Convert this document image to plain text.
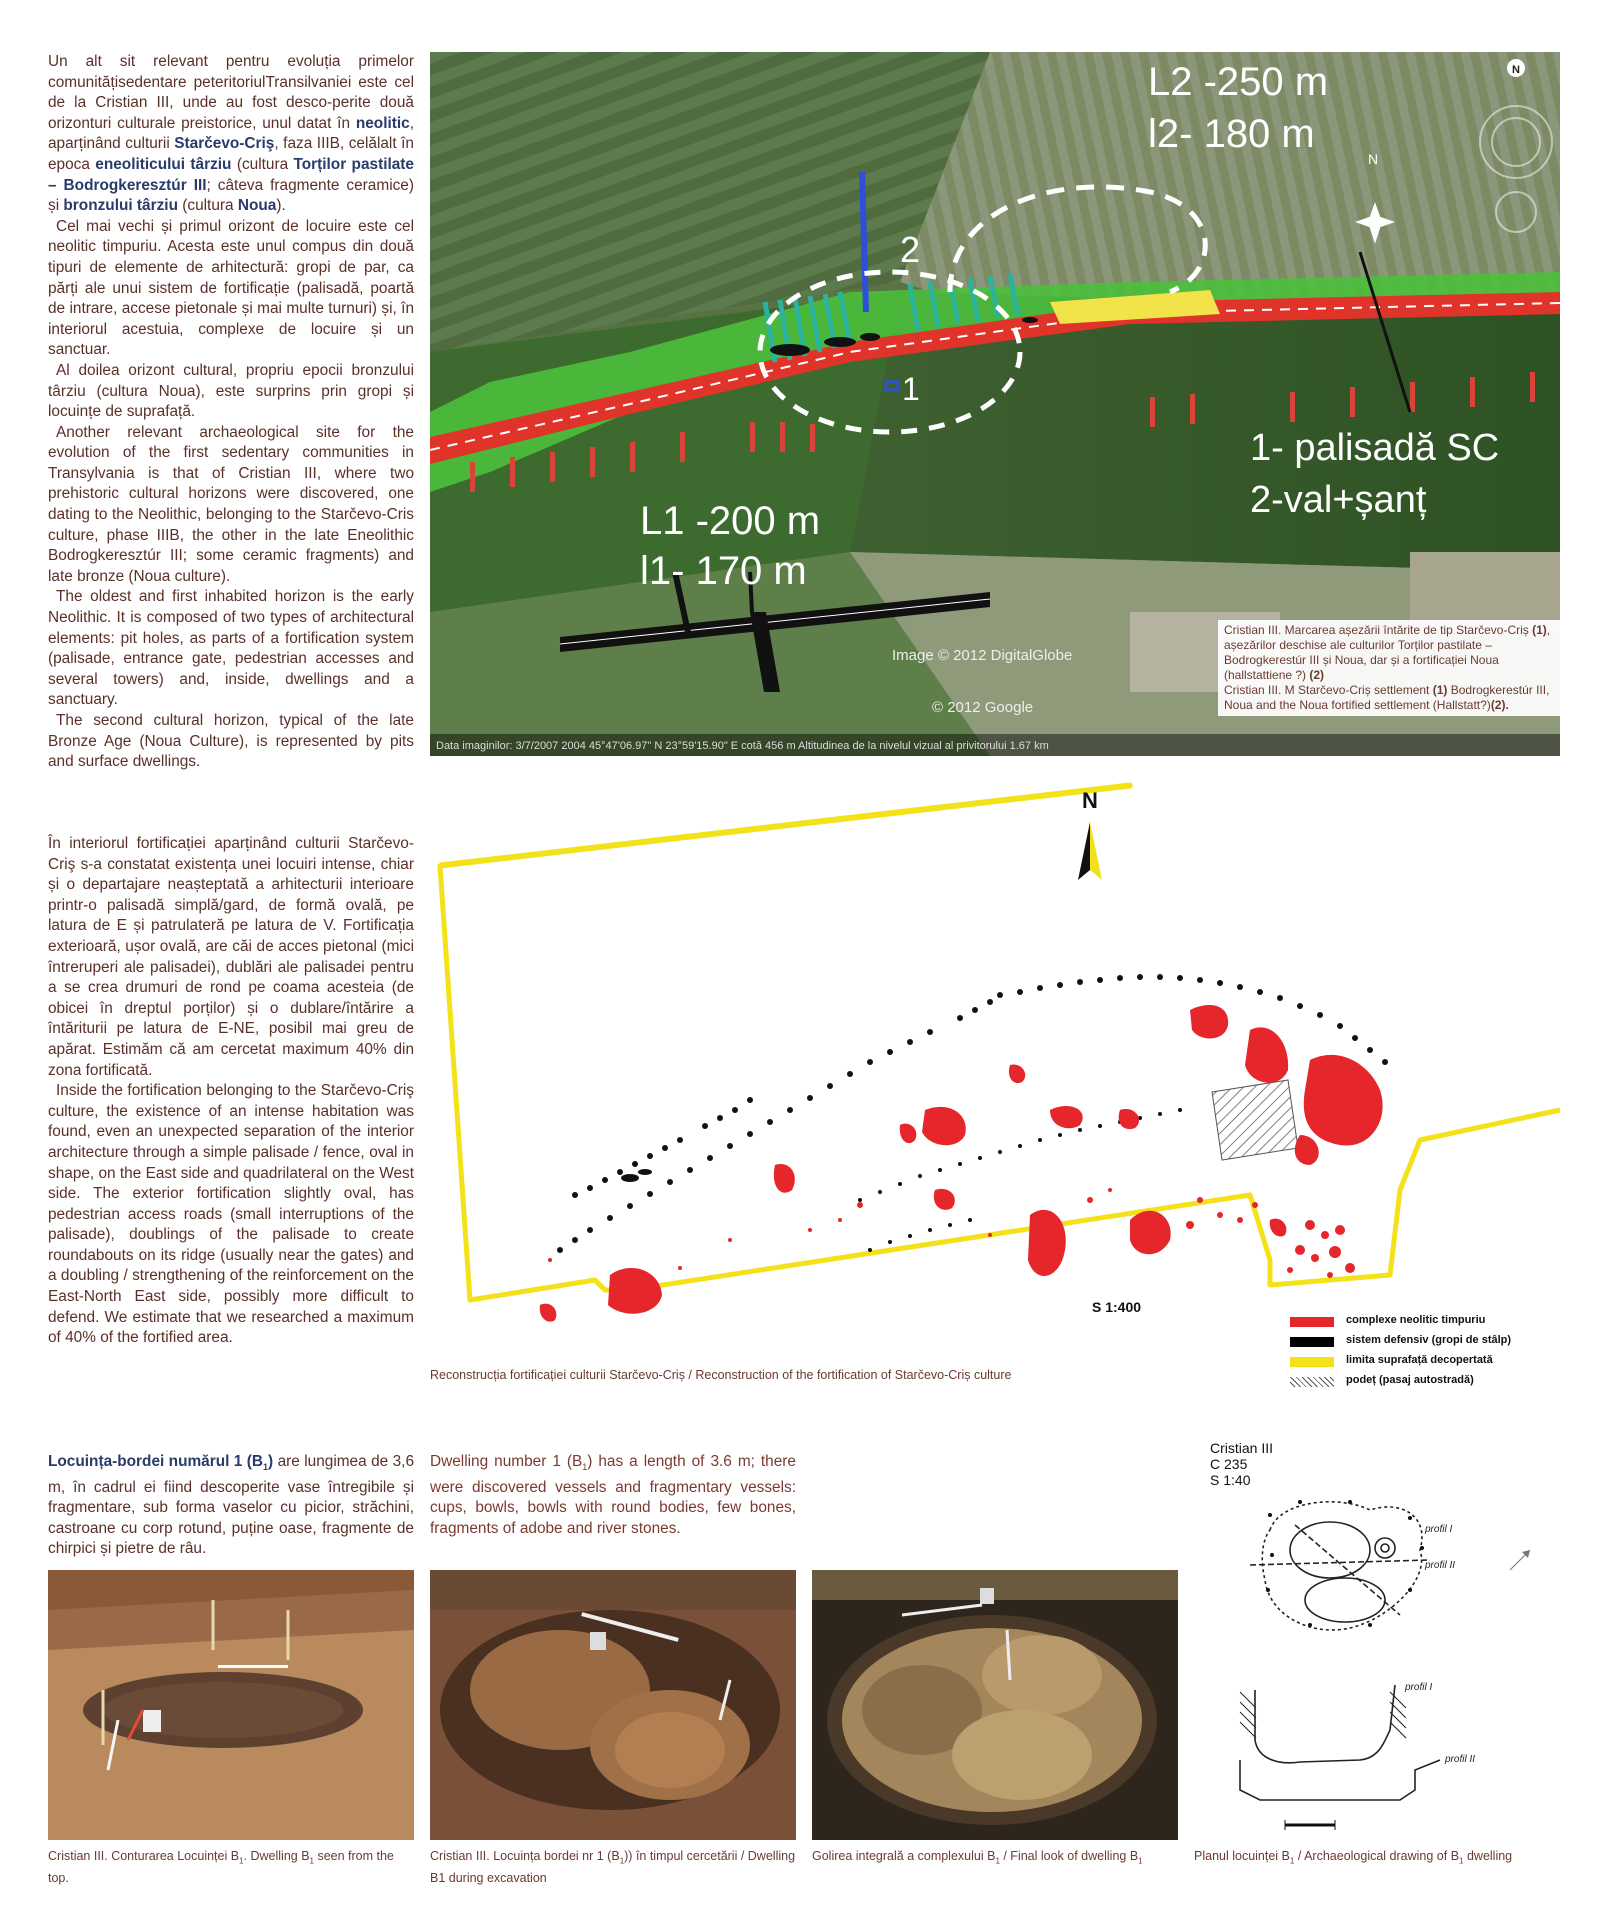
Un alt sit relevant pentru evoluția primelor comunitățisedentare peteritoriulTransilvaniei este cel de la Cristian III, unde au fost desco-perite două orizonturi culturale preistorice, unul datat în neolitic, aparținând culturii Starčevo-Criş, faza IIIB, celălalt în epoca eneoliticului târziu (cultura Torților pastilate – Bodrogkeresztúr III; câteva fragmente ceramice) și bronzului târziu (cultura Noua).

Cel mai vechi și primul orizont de locuire este cel neolitic timpuriu. Acesta este unul compus din două tipuri de elemente de arhitectură: gropi de par, ca părți ale unui sistem de fortificație (palisadă, poartă de intrare, accese pietonale și mai multe turnuri) și, în interiorul acestuia, complexe de locuire și un sanctuar.

Al doilea orizont cultural, propriu epocii bronzului târziu (cultura Noua), este surprins prin gropi și locuințe de suprafață.

Another relevant archaeological site for the evolution of the first sedentary communities in Transylvania is that of Cristian III, where two prehistoric cultural horizons were discovered, one dating to the Neolithic, belonging to the Starčevo-Cris culture, phase IIIB, the other in the late Eneolithic Bodrogkeresztúr III; some ceramic fragments) and late bronze (Noua culture).

The oldest and first inhabited horizon is the early Neolithic. It is composed of two types of architectural elements: pit holes, as parts of a fortification system (palisade, entrance gate, pedestrian accesses and several towers) and, inside, dwellings and a sanctuary.

The second cultural horizon, typical of the late Bronze Age (Noua Culture), is represented by pits and surface dwellings.

În interiorul fortificației aparținând culturii Starčevo-Criş s-a constatat existența unei locuiri intense, chiar și o departajare neașteptată a arhitecturii interioare printr-o palisadă simplă/gard, de formă ovală, pe latura de E și patrulateră pe latura de V. Fortificația exterioară, ușor ovală, are căi de acces pietonal (mici întreruperi ale palisadei), dublări ale palisadei pentru a se crea drumuri de rond pe coama acesteia (de obicei în dreptul porților) și o dublare/întărire a întăriturii pe latura de E-NE, posibil mai greu de apărat. Estimăm că am cercetat maximum 40% din zona fortificată.

Inside the fortification belonging to the Starčevo-Criş culture, the existence of an intense habitation was found, even an unexpected separation of the interior architecture through a simple palisade / fence, oval in shape, on the East side and quadrilateral on the West side. The exterior fortification slightly oval, has pedestrian access roads (small interruptions of the palisade), doublings of the palisade to create roundabouts on its ridge (usually near the gates) and a doubling / strengthening of the reinforcement on the East-North East side, possibly more difficult to defend. We estimate that we researched a maximum of 40% of the fortified area.

N
N
L2 -250 m
l2- 180 m
L1 -200 m
l1- 170 m
1- palisadă SC
2-val+șanț
2
1
Image © 2012 DigitalGlobe
© 2012 Google
Data imaginilor: 3/7/2007 2004 45°47'06.97" N 23°59'15.90" E cotă 456 m Altitudinea de la nivelul vizual al privitorului 1.67 km
Cristian III. Marcarea așezării întărite de tip Starčevo-Criș (1), așezărilor deschise ale culturilor Torților pastilate – Bodrogkerestúr III și Noua, dar și a fortificației Noua (hallstattiene ?) (2)
Cristian III. M Starčevo-Criș settlement (1) Bodrogkerestúr III, Noua and the Noua fortified settlement (Hallstatt?)(2).
N
S 1:400
complexe neolitic timpuriu
sistem defensiv (gropi de stâlp)
limita suprafață decopertată
podeț (pasaj autostradă)
Reconstrucția fortificației culturii Starčevo-Criș / Reconstruction of the fortification of Starčevo-Criș culture

Locuința-bordei numărul 1 $(B_1)$ are lungimea de 3,6 m, în cadrul ei fiind descoperite vase întregibile și fragmentare, sub forma vaselor cu picior, străchini, castroane cu corp rotund, puține oase, fragmente de chirpici și pietre de râu.

Dwelling number 1 $(B_1)$ has a length of 3.6 m; there were discovered vessels and fragmentary vessels: cups, bowls, bowls with round bodies, few bones, fragments of adobe and river stones.

Cristian III
C 235
S 1:40
profil I
profil II
profil I
profil II
Cristian III. Conturarea Locuinței $B_1$. Dwelling $B_1$ seen from the top.
Cristian III. Locuința bordei nr 1 $(B_1)$) în timpul cercetării / Dwelling B1 during excavation
Golirea integrală a complexului $B_1$ / Final look of dwelling $B_1$	Planul locuinței $B_1$ / Archaeological drawing of $B_1$ dwelling
